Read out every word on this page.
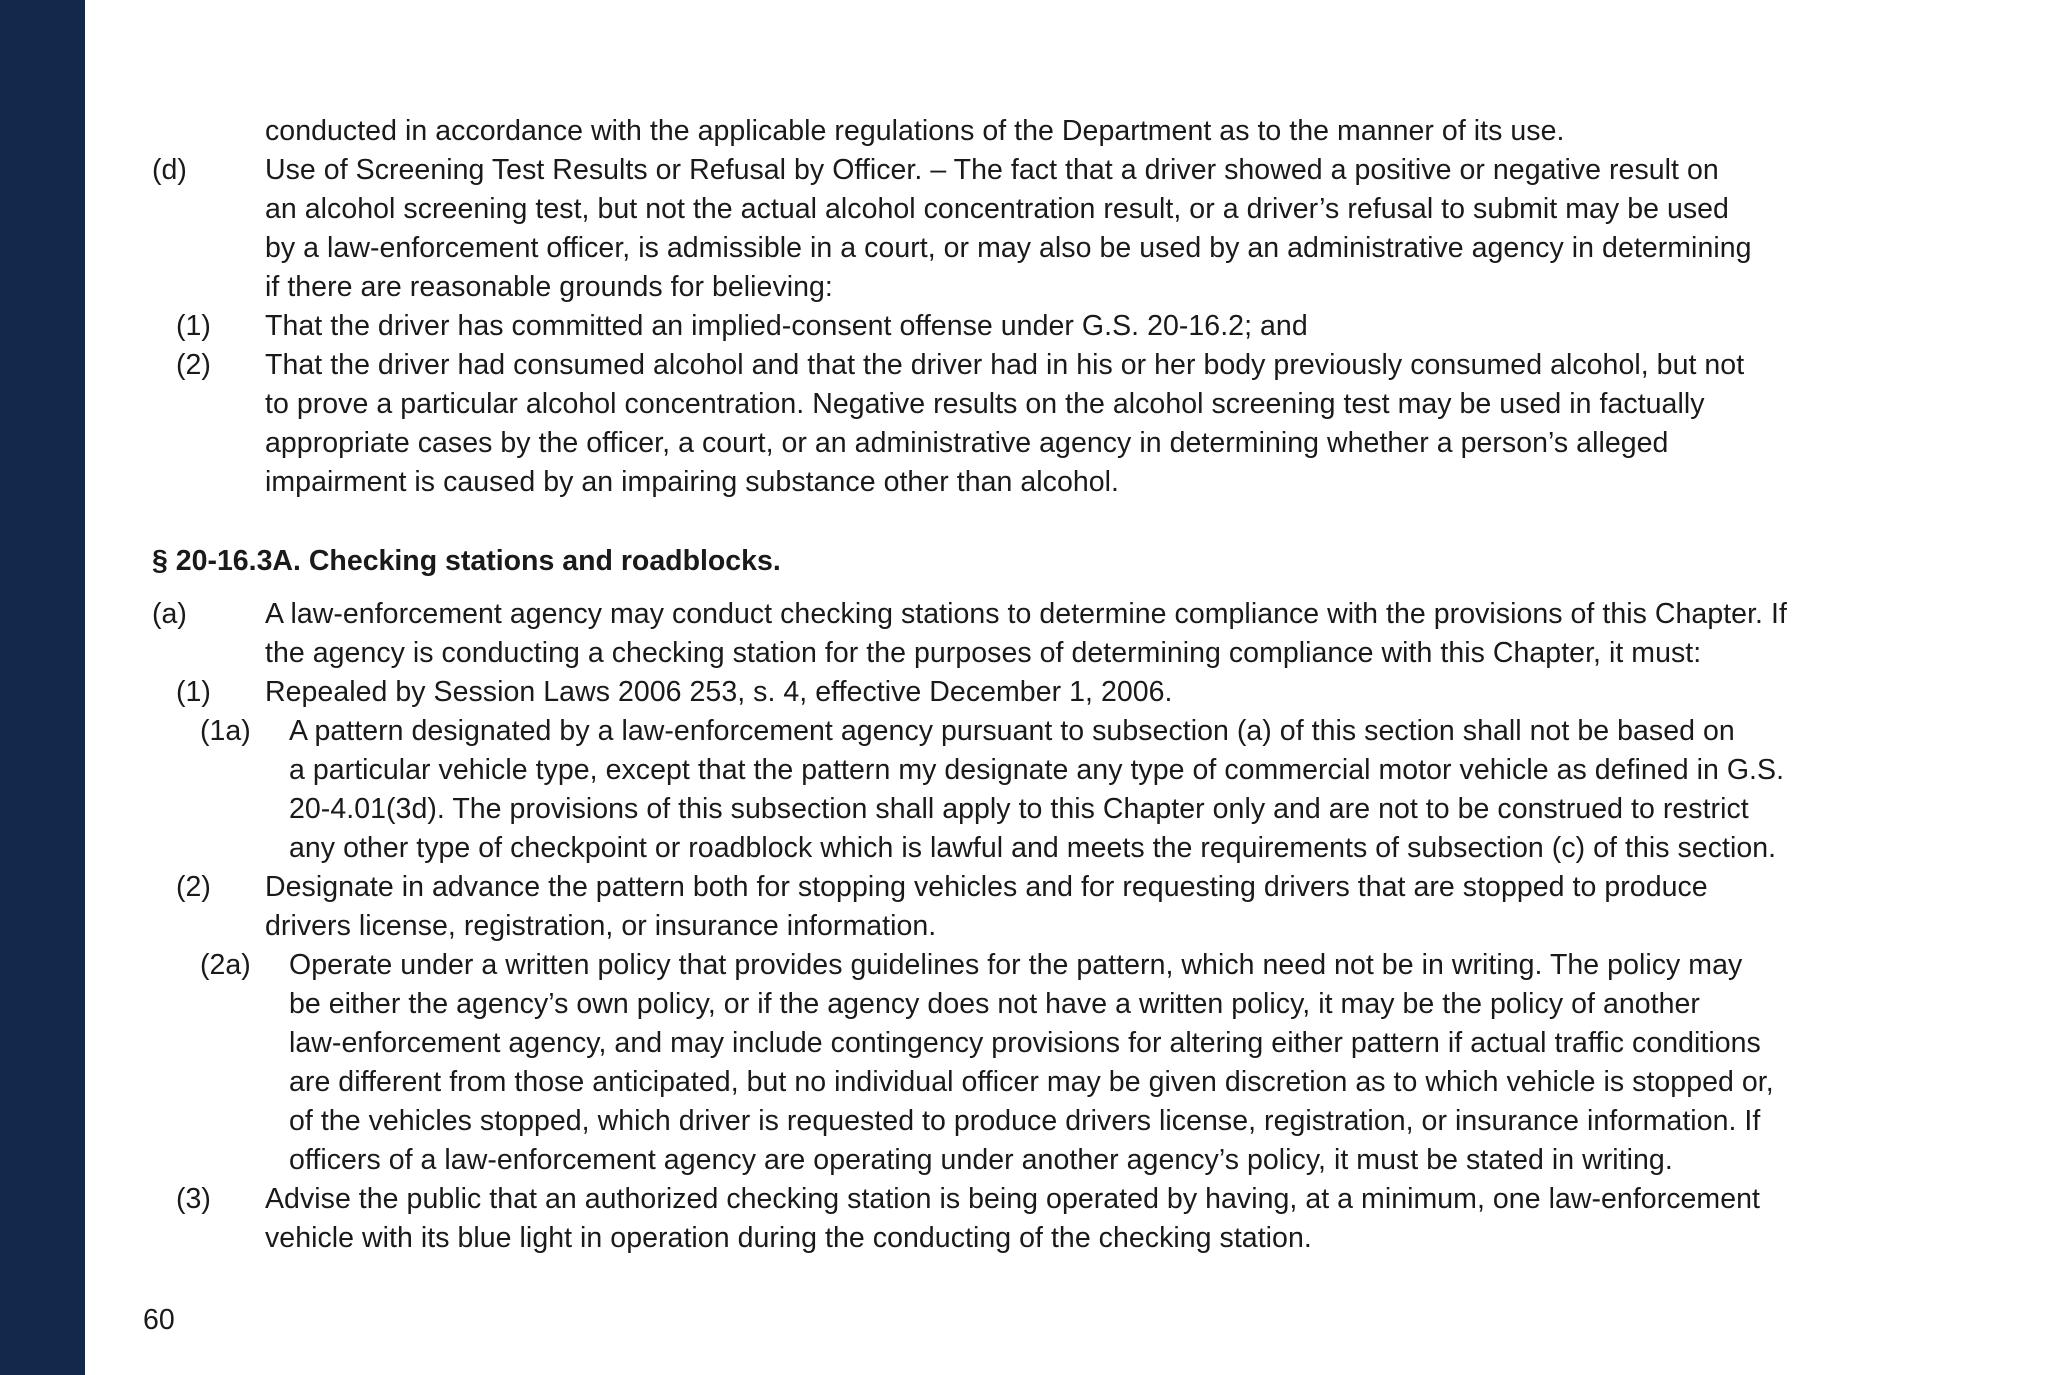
conducted in accordance with the applicable regulations of the Department as to the manner of its use.
(d)	Use of Screening Test Results or Refusal by Officer. – The fact that a driver showed a positive or negative result on
an alcohol screening test, but not the actual alcohol concentration result, or a driver’s refusal to submit may be used
by a law-enforcement officer, is admissible in a court, or may also be used by an administrative agency in determining
if there are reasonable grounds for believing:
(1) That the driver has committed an implied-consent offense under G.S. 20-16.2; and
(2) That the driver had consumed alcohol and that the driver had in his or her body previously consumed alcohol, but not
to prove a particular alcohol concentration. Negative results on the alcohol screening test may be used in factually
appropriate cases by the officer, a court, or an administrative agency in determining whether a person’s alleged
impairment is caused by an impairing substance other than alcohol.
§ 20-16.3A. Checking stations and roadblocks.
(a)	A law-enforcement agency may conduct checking stations to determine compliance with the provisions of this Chapter. If
the agency is conducting a checking station for the purposes of determining compliance with this Chapter, it must:
(1) Repealed by Session Laws 2006 253, s. 4, effective December 1, 2006.
(1a) A pattern designated by a law-enforcement agency pursuant to subsection (a) of this section shall not be based on
a particular vehicle type, except that the pattern my designate any type of commercial motor vehicle as defined in G.S.
20-4.01(3d). The provisions of this subsection shall apply to this Chapter only and are not to be construed to restrict
any other type of checkpoint or roadblock which is lawful and meets the requirements of subsection (c) of this section.
(2) Designate in advance the pattern both for stopping vehicles and for requesting drivers that are stopped to produce
drivers license, registration, or insurance information.
(2a) Operate under a written policy that provides guidelines for the pattern, which need not be in writing. The policy may
be either the agency’s own policy, or if the agency does not have a written policy, it may be the policy of another
law-enforcement agency, and may include contingency provisions for altering either pattern if actual traffic conditions
are different from those anticipated, but no individual officer may be given discretion as to which vehicle is stopped or,
of the vehicles stopped, which driver is requested to produce drivers license, registration, or insurance information. If
officers of a law-enforcement agency are operating under another agency’s policy, it must be stated in writing.
(3) Advise the public that an authorized checking station is being operated by having, at a minimum, one law-enforcement
vehicle with its blue light in operation during the conducting of the checking station.
60
